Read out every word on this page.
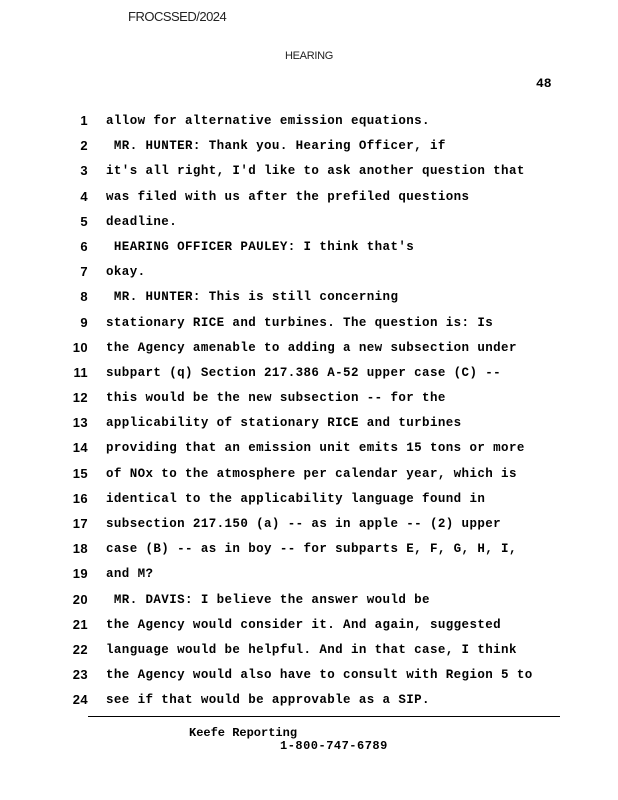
FROCSSED/2024
HEARING
48
1 allow for alternative emission equations.
2 MR. HUNTER: Thank you. Hearing Officer, if
3 it's all right, I'd like to ask another question that
4 was filed with us after the prefiled questions
5 deadline.
6 HEARING OFFICER PAULEY: I think that's
7 okay.
8 MR. HUNTER: This is still concerning
9 stationary RICE and turbines. The question is: Is
10 the Agency amenable to adding a new subsection under
11 subpart (q) Section 217.386 A-52 upper case (C) --
12 this would be the new subsection -- for the
13 applicability of stationary RICE and turbines
14 providing that an emission unit emits 15 tons or more
15 of NOx to the atmosphere per calendar year, which is
16 identical to the applicability language found in
17 subsection 217.150 (a) -- as in apple -- (2) upper
18 case (B) -- as in boy -- for subparts E, F, G, H, I,
19 and M?
20 MR. DAVIS: I believe the answer would be
21 the Agency would consider it. And again, suggested
22 language would be helpful. And in that case, I think
23 the Agency would also have to consult with Region 5 to
24 see if that would be approvable as a SIP.
Keefe Reporting
1-800-747-6789
